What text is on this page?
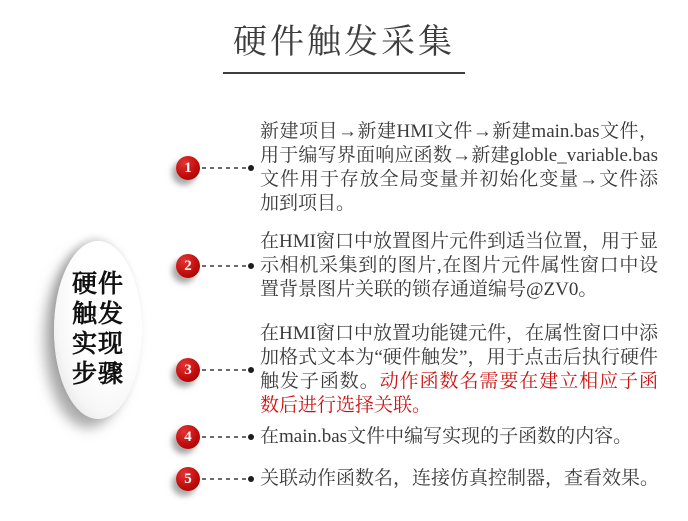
硬件触发采集
硬件
触发
实现
步骤
1
新建项目→新建HMI文件→新建main.bas文件，用于编写界面响应函数→新建globle_variable.bas文件用于存放全局变量并初始化变量→文件添加到项目。
2
在HMI窗口中放置图片元件到适当位置，用于显示相机采集到的图片,在图片元件属性窗口中设置背景图片关联的锁存通道编号@ZV0。
3
在HMI窗口中放置功能键元件，在属性窗口中添加格式文本为“硬件触发”，用于点击后执行硬件触发子函数。动作函数名需要在建立相应子函数后进行选择关联。
4	在main.bas文件中编写实现的子函数的内容。
5	关联动作函数名，连接仿真控制器，查看效果。
